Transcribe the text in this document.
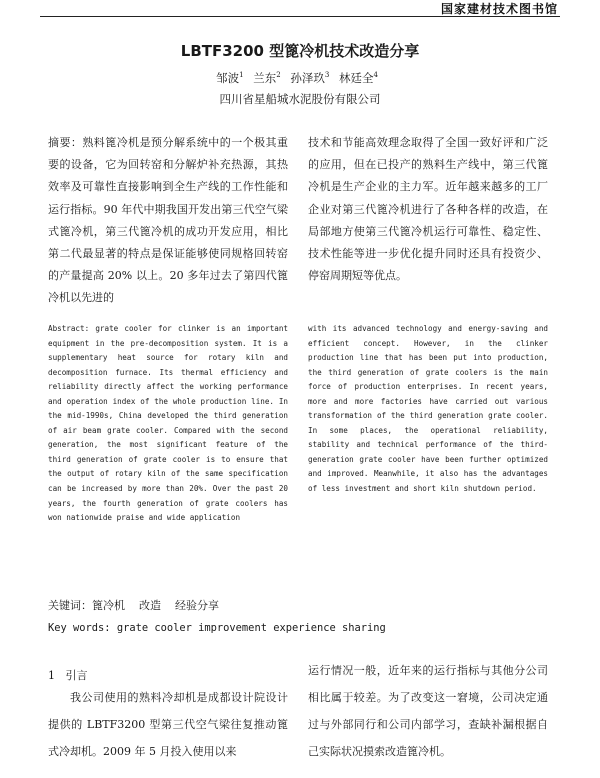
国家建材技术图书馆
LBTF3200 型篦冷机技术改造分享
邹波$^1$ 兰东$^2$ 孙泽玖$^3$ 林廷全$^4$
四川省星船城水泥股份有限公司

摘要：熟料篦冷机是预分解系统中的一个极其重要的设备，它为回转窑和分解炉补充热源，其热效率及可靠性直接影响到全生产线的工作性能和运行指标。90 年代中期我国开发出第三代空气梁式篦冷机，第三代篦冷机的成功开发应用，相比第二代最显著的特点是保证能够使同规格回转窑的产量提高 20% 以上。20 多年过去了第四代篦冷机以先进的

技术和节能高效理念取得了全国一致好评和广泛的应用，但在已投产的熟料生产线中，第三代篦冷机是生产企业的主力军。近年越来越多的工厂企业对第三代篦冷机进行了各种各样的改造，在局部地方使第三代篦冷机运行可靠性、稳定性、技术性能等进一步优化提升同时还具有投资少、停窑周期短等优点。

Abstract: grate cooler for clinker is an important equipment in the pre-decomposition system. It is a supplementary heat source for rotary kiln and decomposition furnace. Its thermal efficiency and reliability directly affect the working performance and operation index of the whole production line. In the mid-1990s, China developed the third generation of air beam grate cooler. Compared with the second generation, the most significant feature of the third generation of grate cooler is to ensure that the output of rotary kiln of the same specification can be increased by more than 20%. Over the past 20 years, the fourth generation of grate coolers has won nationwide praise and wide application

with its advanced technology and energy-saving and efficient concept. However, in the clinker production line that has been put into production, the third generation of grate coolers is the main force of production enterprises. In recent years, more and more factories have carried out various transformation of the third generation grate cooler. In some places, the operational reliability, stability and technical performance of the third-generation grate cooler have been further optimized and improved. Meanwhile, it also has the advantages of less investment and short kiln shutdown period.

关键词：篦冷机    改造    经验分享
Key words: grate cooler improvement experience sharing
1   引言

我公司使用的熟料冷却机是成都设计院设计提供的 LBTF3200 型第三代空气梁往复推动篦式冷却机。2009 年 5 月投入使用以来

运行情况一般，近年来的运行指标与其他分公司相比属于较差。为了改变这一窘境，公司决定通过与外部同行和公司内部学习，查缺补漏根据自己实际状况摸索改造篦冷机。
